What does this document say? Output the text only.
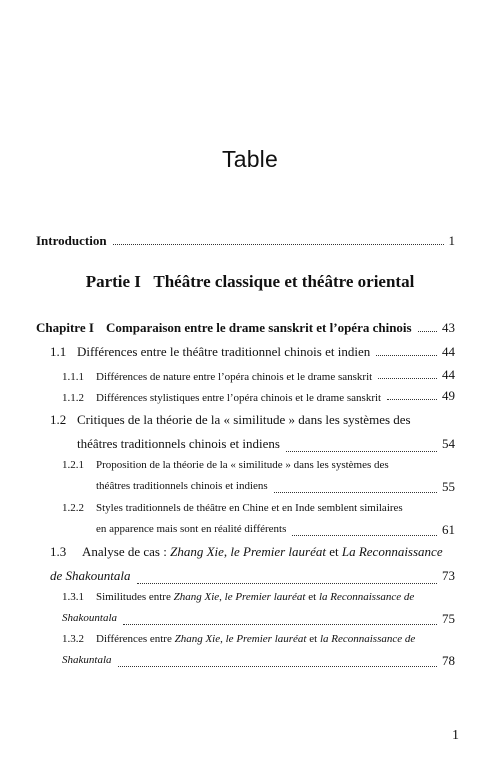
Table
Introduction	1
Partie I Théâtre classique et théâtre oriental
Chapitre I Comparaison entre le drame sanskrit et l’opéra chinois 43
1.1 Différences entre le théâtre traditionnel chinois et indien	44
1.1.1	Différences de nature entre l’opéra chinois et le drame sanskrit	44
1.1.2	Différences stylistiques entre l’opéra chinois et le drame sanskrit	49
1.2 Critiques de la théorie de la « similitude » dans les systèmes des
théâtres traditionnels chinois et indiens	54
1.2.1 Proposition de la théorie de la « similitude » dans les systèmes des
théâtres traditionnels chinois et indiens	55
1.2.2 Styles traditionnels de théâtre en Chine et en Inde semblent similaires
en apparence mais sont en réalité différents	61
1.3 Analyse de cas : Zhang Xie, le Premier lauréat et La Reconnaissance
de Shakountala	73
1.3.1 Similitudes entre Zhang Xie, le Premier lauréat et la Reconnaissance de
Shakountala	75
1.3.2 Différences entre Zhang Xie, le Premier lauréat et la Reconnaissance de
Shakuntala	78
1
